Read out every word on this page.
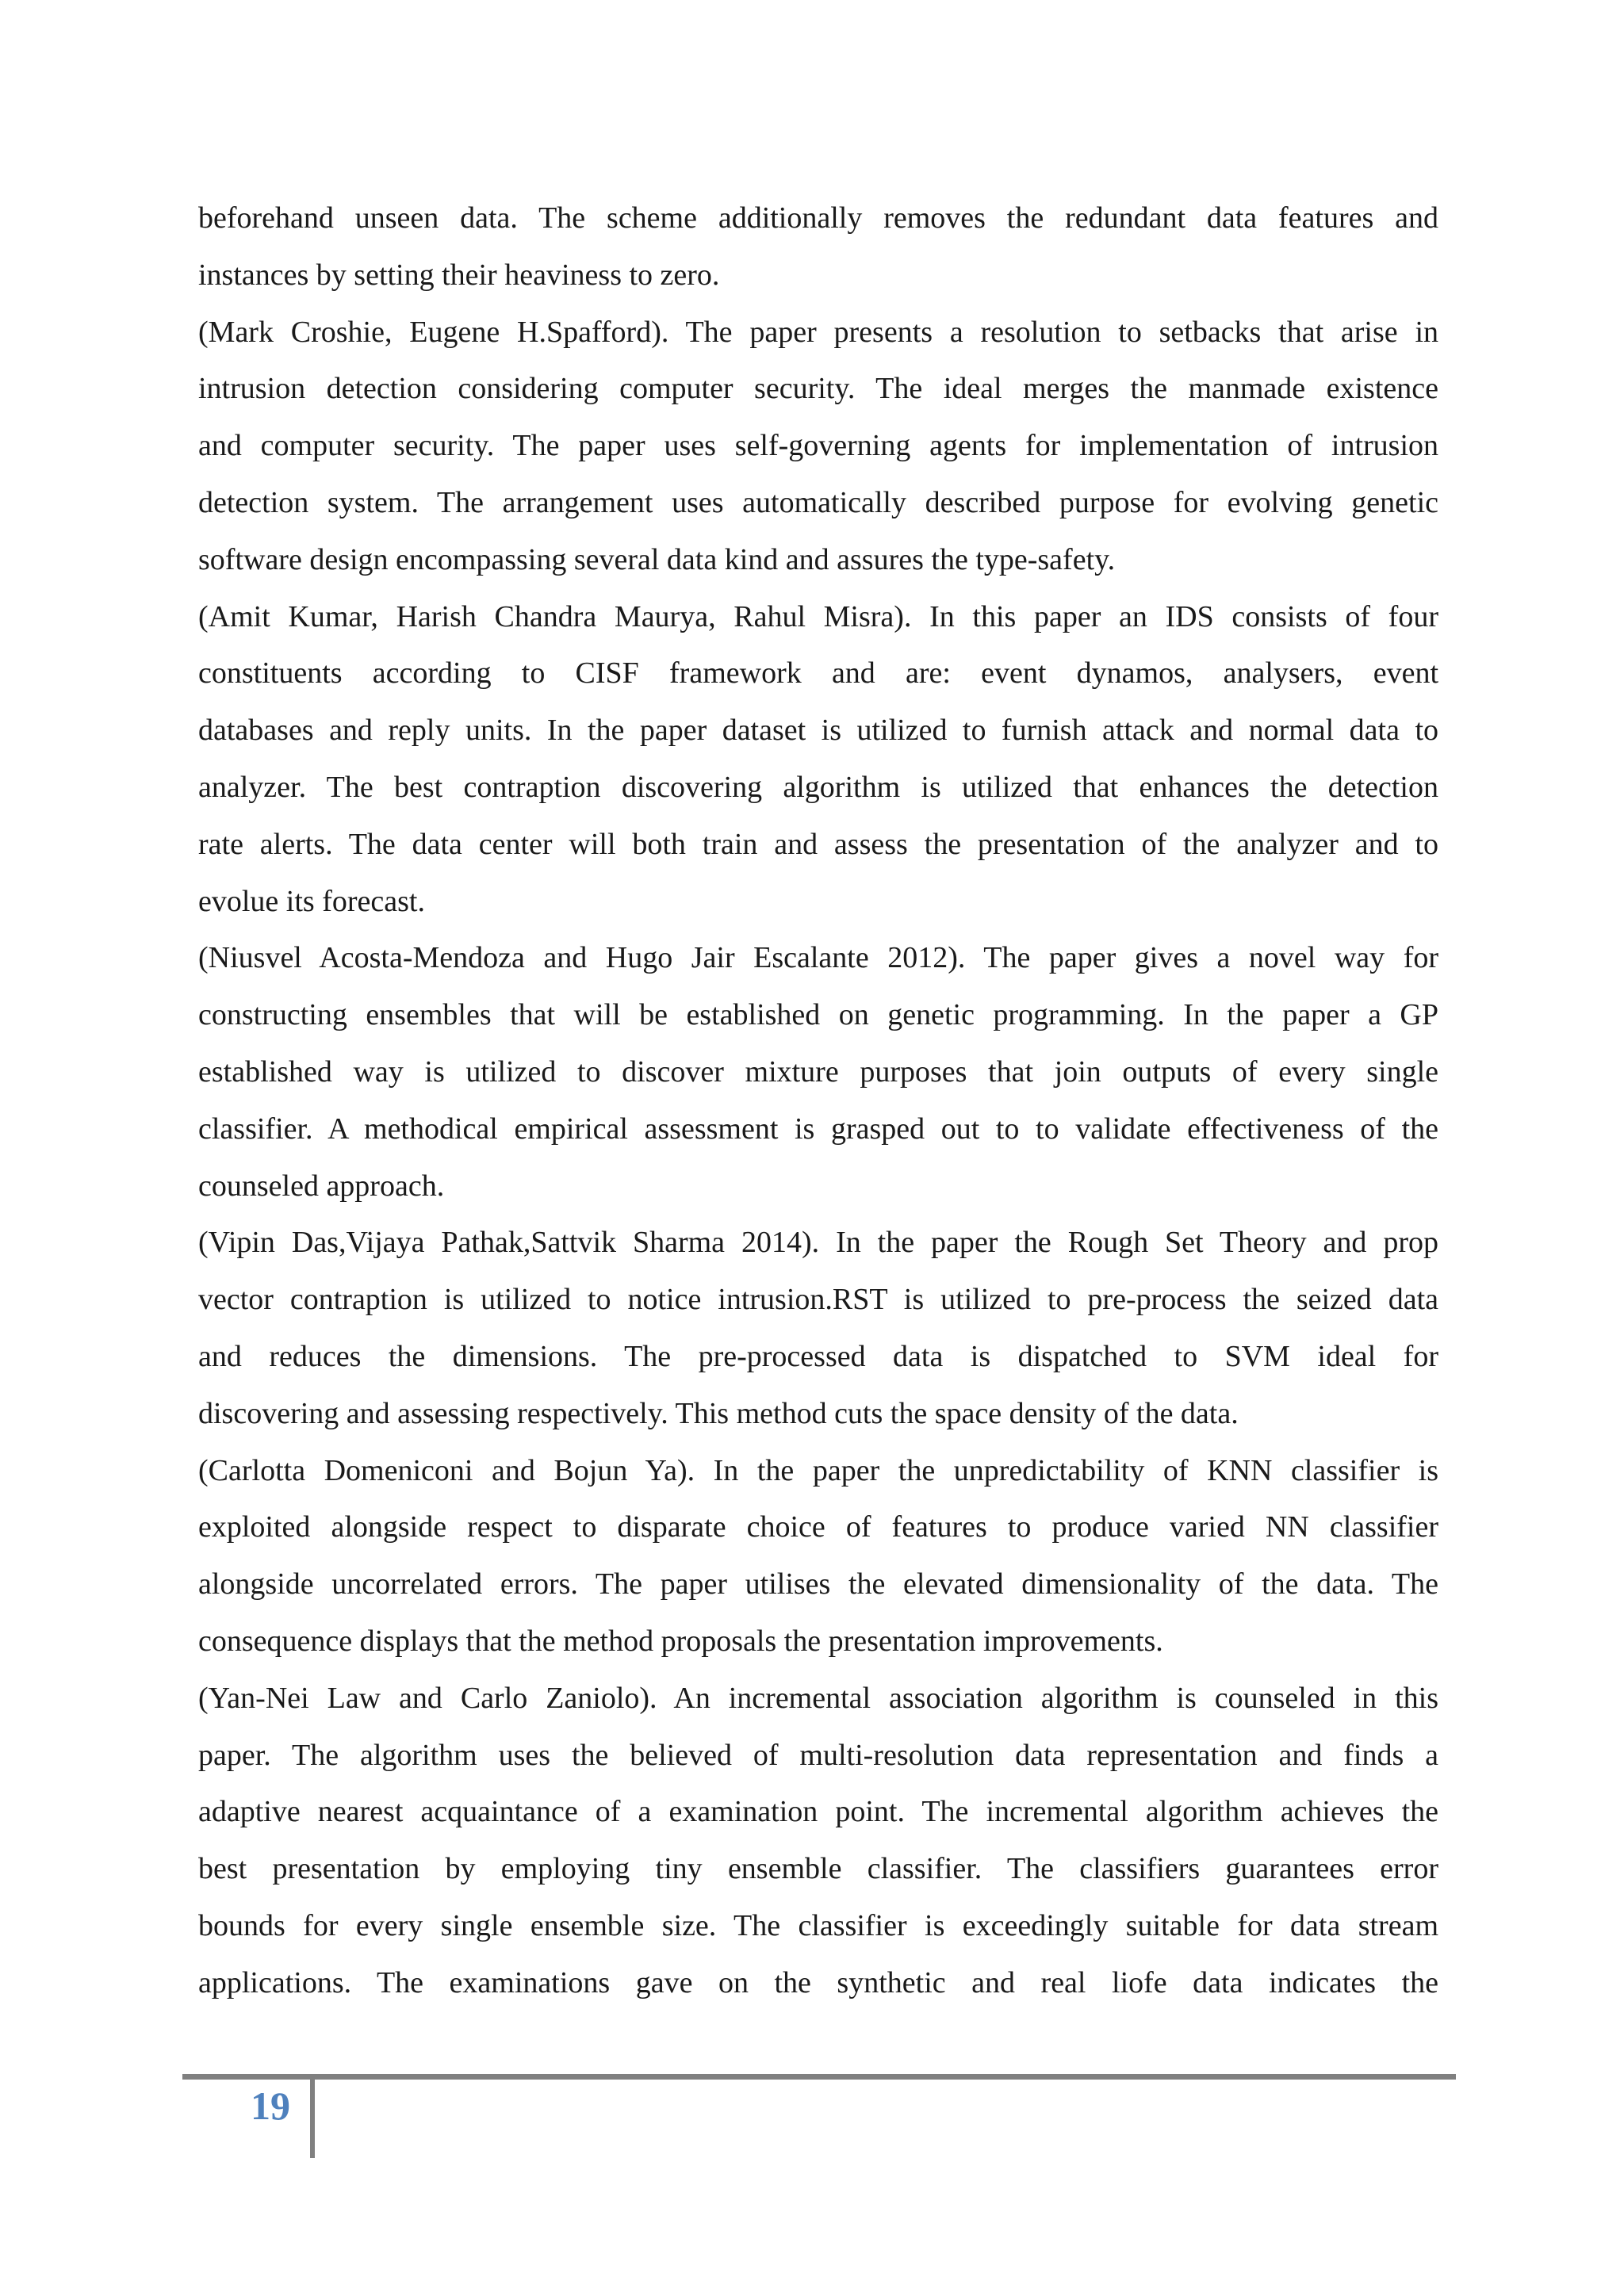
beforehand unseen data. The scheme additionally removes the redundant data features and
instances by setting their heaviness to zero.
(Mark Croshie, Eugene H.Spafford). The paper presents a resolution to setbacks that arise in
intrusion detection considering computer security. The ideal merges the manmade existence
and computer security. The paper uses self-governing agents for implementation of intrusion
detection system. The arrangement uses automatically described purpose for evolving genetic
software design encompassing several data kind and assures the type-safety.
(Amit Kumar, Harish Chandra Maurya, Rahul Misra). In this paper an IDS consists of four
constituents according to CISF framework and are: event dynamos, analysers, event
databases and reply units. In the paper dataset is utilized to furnish attack and normal data to
analyzer. The best contraption discovering algorithm is utilized that enhances the detection
rate alerts. The data center will both train and assess the presentation of the analyzer and to
evolue its forecast.
(Niusvel Acosta-Mendoza and Hugo Jair Escalante 2012). The paper gives a novel way for
constructing ensembles that will be established on genetic programming. In the paper a GP
established way is utilized to discover mixture purposes that join outputs of every single
classifier. A methodical empirical assessment is grasped out to to validate effectiveness of the
counseled approach.
(Vipin Das,Vijaya Pathak,Sattvik Sharma 2014). In the paper the Rough Set Theory and prop
vector contraption is utilized to notice intrusion.RST is utilized to pre-process the seized data
and reduces the dimensions. The pre-processed data is dispatched to SVM ideal for
discovering and assessing respectively. This method cuts the space density of the data.
(Carlotta Domeniconi and Bojun Ya). In the paper the unpredictability of KNN classifier is
exploited alongside respect to disparate choice of features to produce varied NN classifier
alongside uncorrelated errors. The paper utilises the elevated dimensionality of the data. The
consequence displays that the method proposals the presentation improvements.
(Yan-Nei Law and Carlo Zaniolo). An incremental association algorithm is counseled in this
paper. The algorithm uses the believed of multi-resolution data representation and finds a
adaptive nearest acquaintance of a examination point. The incremental algorithm achieves the
best presentation by employing tiny ensemble classifier. The classifiers guarantees error
bounds for every single ensemble size. The classifier is exceedingly suitable for data stream
applications. The examinations gave on the synthetic and real liofe data indicates the
19
